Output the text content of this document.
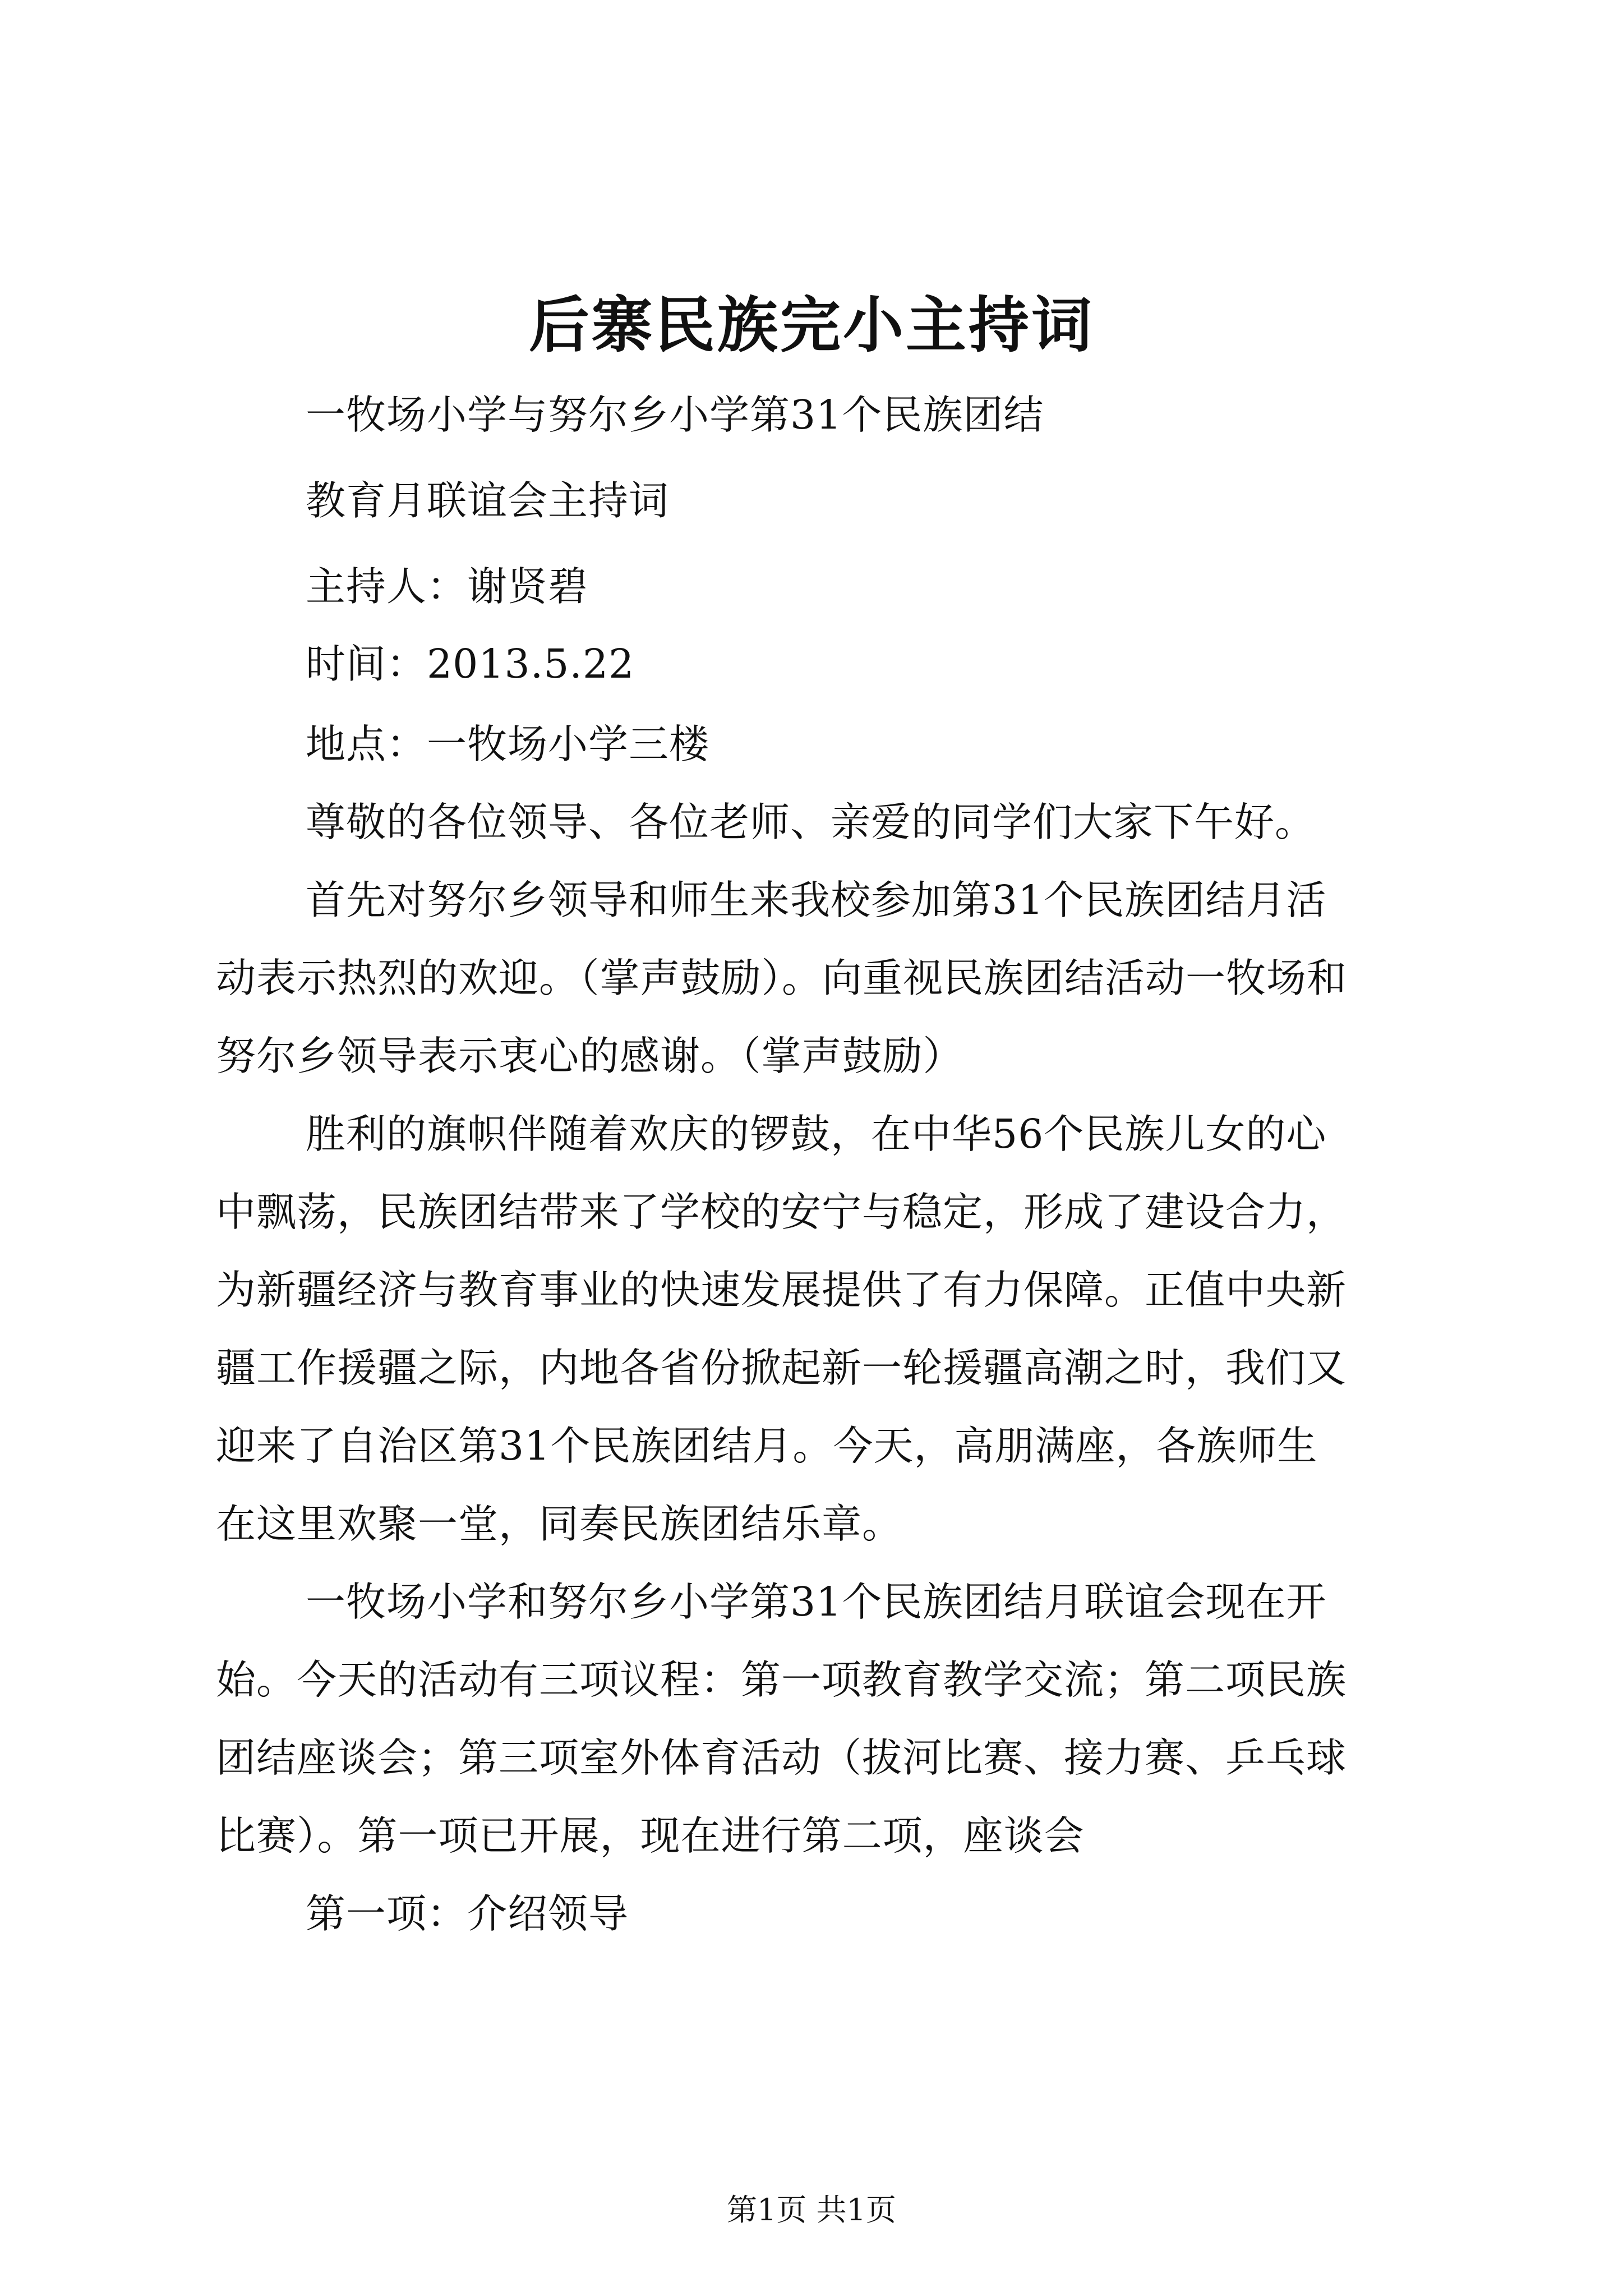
后寨民族完小主持词
一牧场小学与努尔乡小学第31个民族团结
教育月联谊会主持词
主持人：谢贤碧
时间：2013.5.22
地点：一牧场小学三楼
尊敬的各位领导、各位老师、亲爱的同学们大家下午好。
首先对努尔乡领导和师生来我校参加第31个民族团结月活
动表示热烈的欢迎。（掌声鼓励）。向重视民族团结活动一牧场和
努尔乡领导表示衷心的感谢。（掌声鼓励）
胜利的旗帜伴随着欢庆的锣鼓，在中华56个民族儿女的心
中飘荡，民族团结带来了学校的安宁与稳定，形成了建设合力，
为新疆经济与教育事业的快速发展提供了有力保障。正值中央新
疆工作援疆之际，内地各省份掀起新一轮援疆高潮之时，我们又
迎来了自治区第31个民族团结月。今天，高朋满座，各族师生
在这里欢聚一堂，同奏民族团结乐章。
一牧场小学和努尔乡小学第31个民族团结月联谊会现在开
始。今天的活动有三项议程：第一项教育教学交流；第二项民族
团结座谈会；第三项室外体育活动（拔河比赛、接力赛、乒乓球
比赛）。第一项已开展，现在进行第二项，座谈会
第一项：介绍领导
第1页 共1页
